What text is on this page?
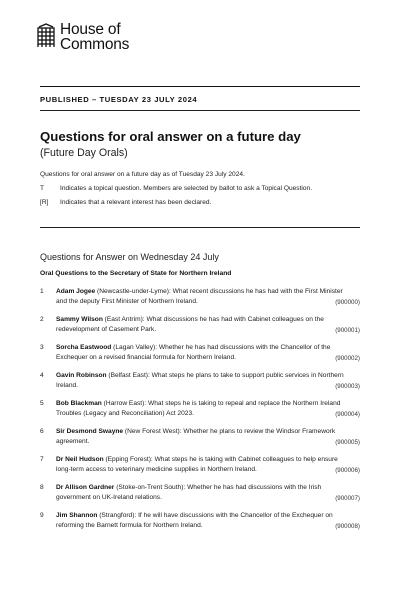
House of
Commons
PUBLISHED – TUESDAY 23 JULY 2024
Questions for oral answer on a future day
(Future Day Orals)
Questions for oral answer on a future day as of Tuesday 23 July 2024.
T Indicates a topical question. Members are selected by ballot to ask a Topical Question.
[R] Indicates that a relevant interest has been declared.
Questions for Answer on Wednesday 24 July
Oral Questions to the Secretary of State for Northern Ireland
1	Adam Jogee (Newcastle-under-Lyme): What recent discussions he has had with the First Minister and the deputy First Minister of Northern Ireland.	(900000)
2	Sammy Wilson (East Antrim): What discussions he has had with Cabinet colleagues on the redevelopment of Casement Park.	(900001)
3	Sorcha Eastwood (Lagan Valley): Whether he has had discussions with the Chancellor of the Exchequer on a revised financial formula for Northern Ireland.	(900002)
4	Gavin Robinson (Belfast East): What steps he plans to take to support public services in Northern Ireland.	(900003)
5	Bob Blackman (Harrow East): What steps he is taking to repeal and replace the Northern Ireland Troubles (Legacy and Reconciliation) Act 2023.	(900004)
6	Sir Desmond Swayne (New Forest West): Whether he plans to review the Windsor Framework agreement.	(900005)
7	Dr Neil Hudson (Epping Forest): What steps he is taking with Cabinet colleagues to help ensure long-term access to veterinary medicine supplies in Northern Ireland.	(900006)
8	Dr Allison Gardner (Stoke-on-Trent South): Whether he has had discussions with the Irish government on UK-Ireland relations.	(900007)
9	Jim Shannon (Strangford): If he will have discussions with the Chancellor of the Exchequer on reforming the Barnett formula for Northern Ireland.	(900008)
